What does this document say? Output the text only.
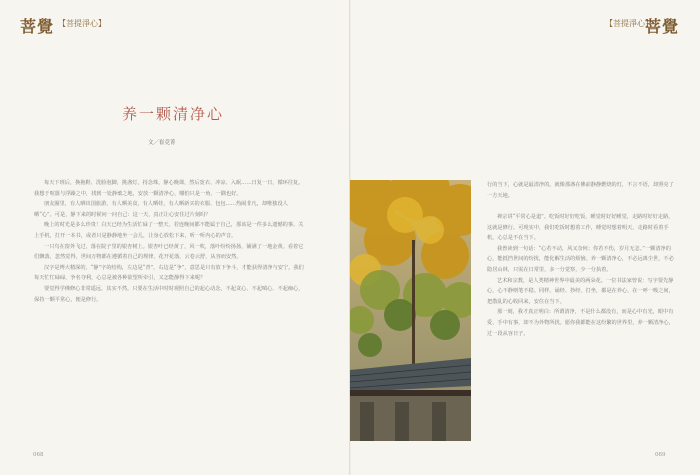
菩覺 【菩提淨心】	【菩提淨心】
菩覺
养一颗清净心
文／崔竞菁

每天下班后，换拖鞋、洗脸泡脚，挑盏灯，持念珠，静心晚课，然后宽衣、冲凉、入眠……日复一日，循环往复。我想于喧嚣与浮躁之中，找到一处静谧之地，安放一颗清净心，哪怕只是一角、一隅也好。

朋友圈里，有人晒出国旅游，有人晒美食，有人晒娃，有人晒新买的衣服、包包……热闹非凡，却唯独没人晒“心”。可是，静下来的时候问一问自己：这一天，真正让心安住过片刻吗？

晚上的时光是多么珍贵！白天已经为生活忙碌了一整天，若连晚间都不能属于自己，那该是一件多么遗憾的事。关上手机，打开一本书，或者只是静静地坐一会儿，让身心放松下来，听一听内心的声音。

一只鸟在窗外飞过，落在院子里的银杏树上。银杏叶已经黄了，风一吹，落叶纷纷扬扬，铺满了一地金黄。看着它们飘落，忽然觉得，世间万物都在遵循着自己的规律，花开花落，云卷云舒，从容而安然。

汉字是博大精深的，“静”字的结构，左边是“青”，右边是“争”，意思是只有放下争斗，才能获得清净与安宁。我们每天忙忙碌碌，争名夺利，心总是被各种欲望所牵引，又怎能静得下来呢？

要觉得学佛修心非常遥远，其实不然。只要在生活中时时观照自己的起心动念，不起贪心、不起嗔心、不起痴心，保持一颗平常心，便是修行。

行的当下，心就是最清净的。就像那盏在佛前静静燃烧的灯，不言不语，却照亮了一方天地。

禅宗讲“平常心是道”。吃饭时好好吃饭，睡觉时好好睡觉，走路时好好走路，这就是修行。可现实中，我们吃饭时想着工作，睡觉时想着明天，走路时看着手机，心总是不在当下。

我曾读到一句话：“心若不动，风又奈何；你若不伤，岁月无恙。”一颗清净的心，能抵挡世间的纷扰，能化解生活的烦恼。养一颗清净心，不必远离尘世，不必隐居山林，只需在日常里，多一分觉察，少一分执着。

艺术和宗教，是人类精神世界中最美的两朵花。一位书法家曾说：写字要先静心，心不静则笔不稳。同样，诵经、抄经、打坐，都是在养心，在一呼一吸之间，把散乱的心收回来，安住在当下。

那一刻，我才真正明白：所谓清净，不是什么都没有，而是心中有光，眼中有爱，手中有事，却不为外物所扰。愿你我都能在这纷繁的世界里，养一颗清净心，过一段从容日子。

068	069
